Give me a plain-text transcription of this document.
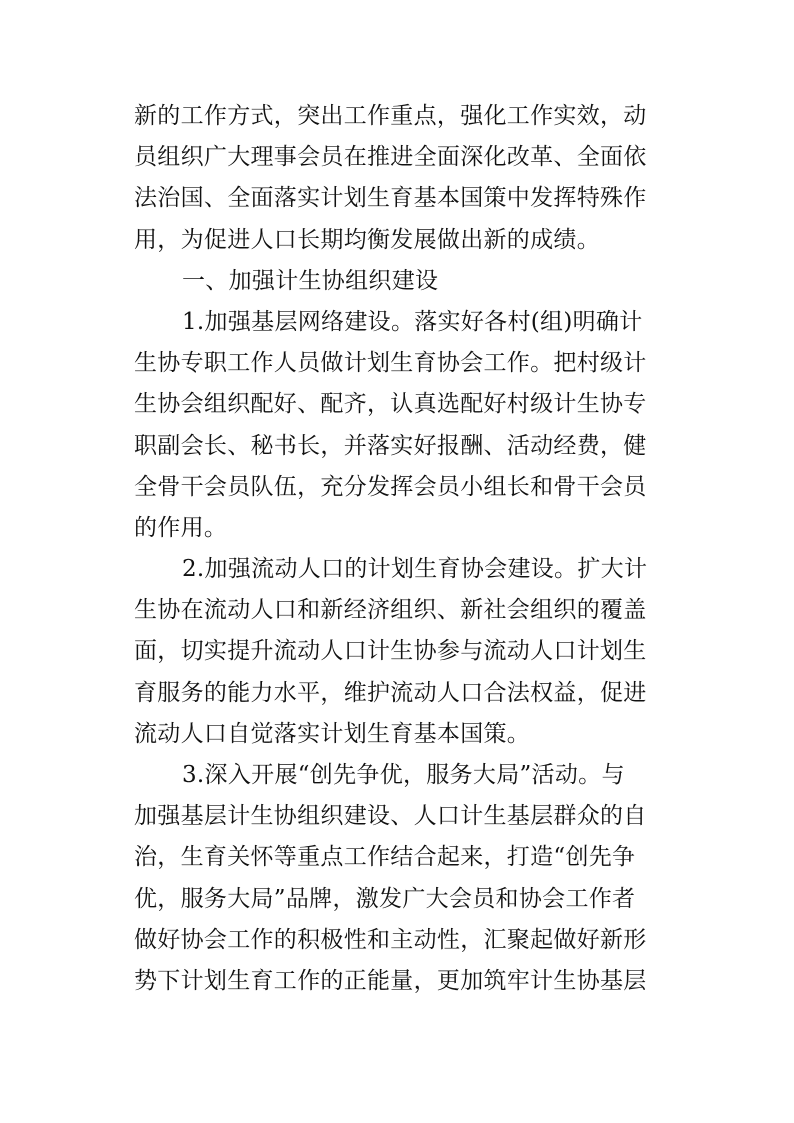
新的工作方式，突出工作重点，强化工作实效，动
员组织广大理事会员在推进全面深化改革、全面依
法治国、全面落实计划生育基本国策中发挥特殊作
用，为促进人口长期均衡发展做出新的成绩。
一、加强计生协组织建设
1.加强基层网络建设。落实好各村(组)明确计
生协专职工作人员做计划生育协会工作。把村级计
生协会组织配好、配齐，认真选配好村级计生协专
职副会长、秘书长，并落实好报酬、活动经费，健
全骨干会员队伍，充分发挥会员小组长和骨干会员
的作用。
2.加强流动人口的计划生育协会建设。扩大计
生协在流动人口和新经济组织、新社会组织的覆盖
面，切实提升流动人口计生协参与流动人口计划生
育服务的能力水平，维护流动人口合法权益，促进
流动人口自觉落实计划生育基本国策。
3.深入开展“创先争优，服务大局”活动。与
加强基层计生协组织建设、人口计生基层群众的自
治，生育关怀等重点工作结合起来，打造“创先争
优，服务大局”品牌，激发广大会员和协会工作者
做好协会工作的积极性和主动性，汇聚起做好新形
势下计划生育工作的正能量，更加筑牢计生协基层
